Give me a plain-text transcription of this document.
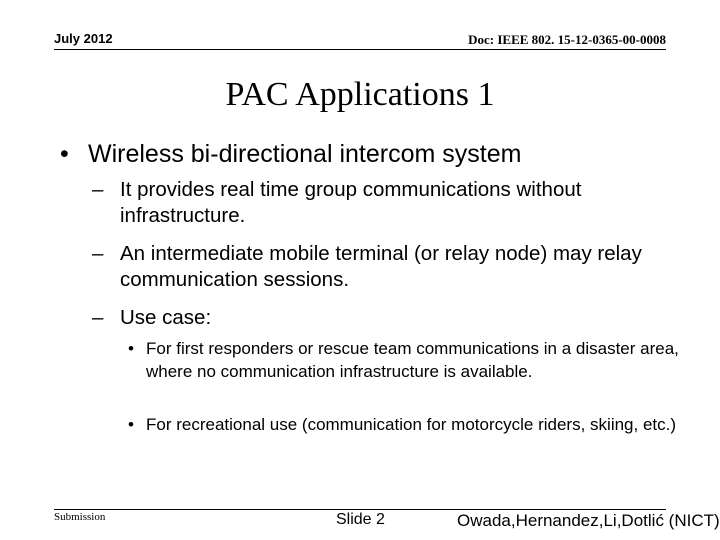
July 2012	Doc: IEEE 802. 15-12-0365-00-0008
PAC Applications 1
• Wireless bi-directional intercom system
– It provides real time group communications without infrastructure.
– An intermediate mobile terminal (or relay node) may relay communication sessions.
– Use case:
• For first responders or rescue team communications in a disaster area, where no communication infrastructure is available.
• For recreational use (communication for motorcycle riders, skiing, etc.)
Submission	Slide 2	Owada,Hernandez,Li,Dotlić (NICT)
